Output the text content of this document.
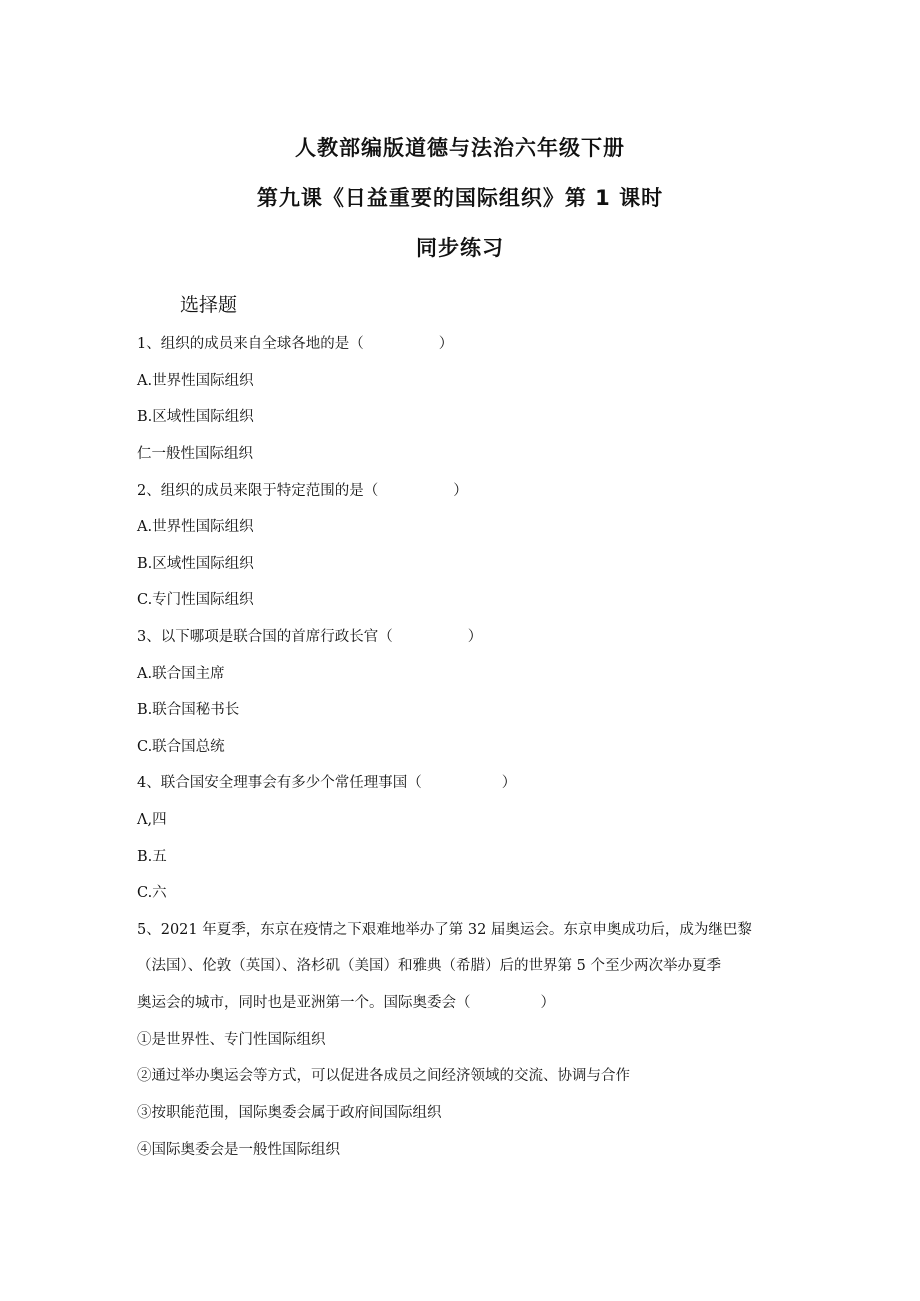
人教部编版道德与法治六年级下册
第九课《日益重要的国际组织》第 1 课时
同步练习
选择题
1、组织的成员来自全球各地的是（	）
A.世界性国际组织
B.区域性国际组织
仁一般性国际组织
2、组织的成员来限于特定范围的是（	）
A.世界性国际组织
B.区域性国际组织
C.专门性国际组织
3、以下哪项是联合国的首席行政长官（	）
A.联合国主席
B.联合国秘书长
C.联合国总统
4、联合国安全理事会有多少个常任理事国（	）
Λ,四
B.五
C.六
5、2021 年夏季，东京在疫情之下艰难地举办了第 32 届奥运会。东京申奥成功后，成为继巴黎
（法国）、伦敦（英国）、洛杉矶（美国）和雅典（希腊）后的世界第 5 个至少两次举办夏季
奥运会的城市，同时也是亚洲第一个。国际奥委会（	）
①是世界性、专门性国际组织
②通过举办奥运会等方式，可以促进各成员之间经济领域的交流、协调与合作
③按职能范围，国际奥委会属于政府间国际组织
④国际奥委会是一般性国际组织
